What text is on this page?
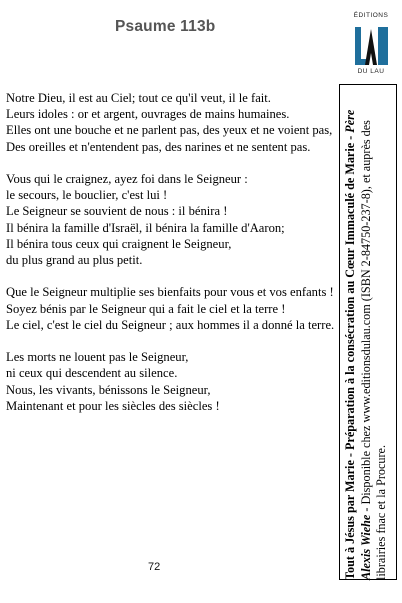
Psaume 113b
ÉDITIONS
DU LAU
Notre Dieu, il est au Ciel; tout ce qu'il veut, il le fait.
Leurs idoles : or et argent, ouvrages de mains humaines.
Elles ont une bouche et ne parlent pas, des yeux et ne voient pas,
Des oreilles et n'entendent pas, des narines et ne sentent pas.
Vous qui le craignez, ayez foi dans le Seigneur :
le secours, le bouclier, c'est lui !
Le Seigneur se souvient de nous : il bénira !
Il bénira la famille d'Israël, il bénira la famille d'Aaron;
Il bénira tous ceux qui craignent le Seigneur,
du plus grand au plus petit.
Que le Seigneur multiplie ses bienfaits pour vous et vos enfants !
Soyez bénis par le Seigneur qui a fait le ciel et la terre !
Le ciel, c'est le ciel du Seigneur ; aux hommes il a donné la terre.
Les morts ne louent pas le Seigneur,
ni ceux qui descendent au silence.
Nous, les vivants, bénissons le Seigneur,
Maintenant et pour les siècles des siècles !	Tout à Jésus par Marie - Préparation à la consécration au Cœur Immaculé de Marie - Père Alexis Wiehe - Disponible chez www.editionsdulau.com (ISBN 2-84750-237-8), et auprès des librairies fnac et la Procure.
72
